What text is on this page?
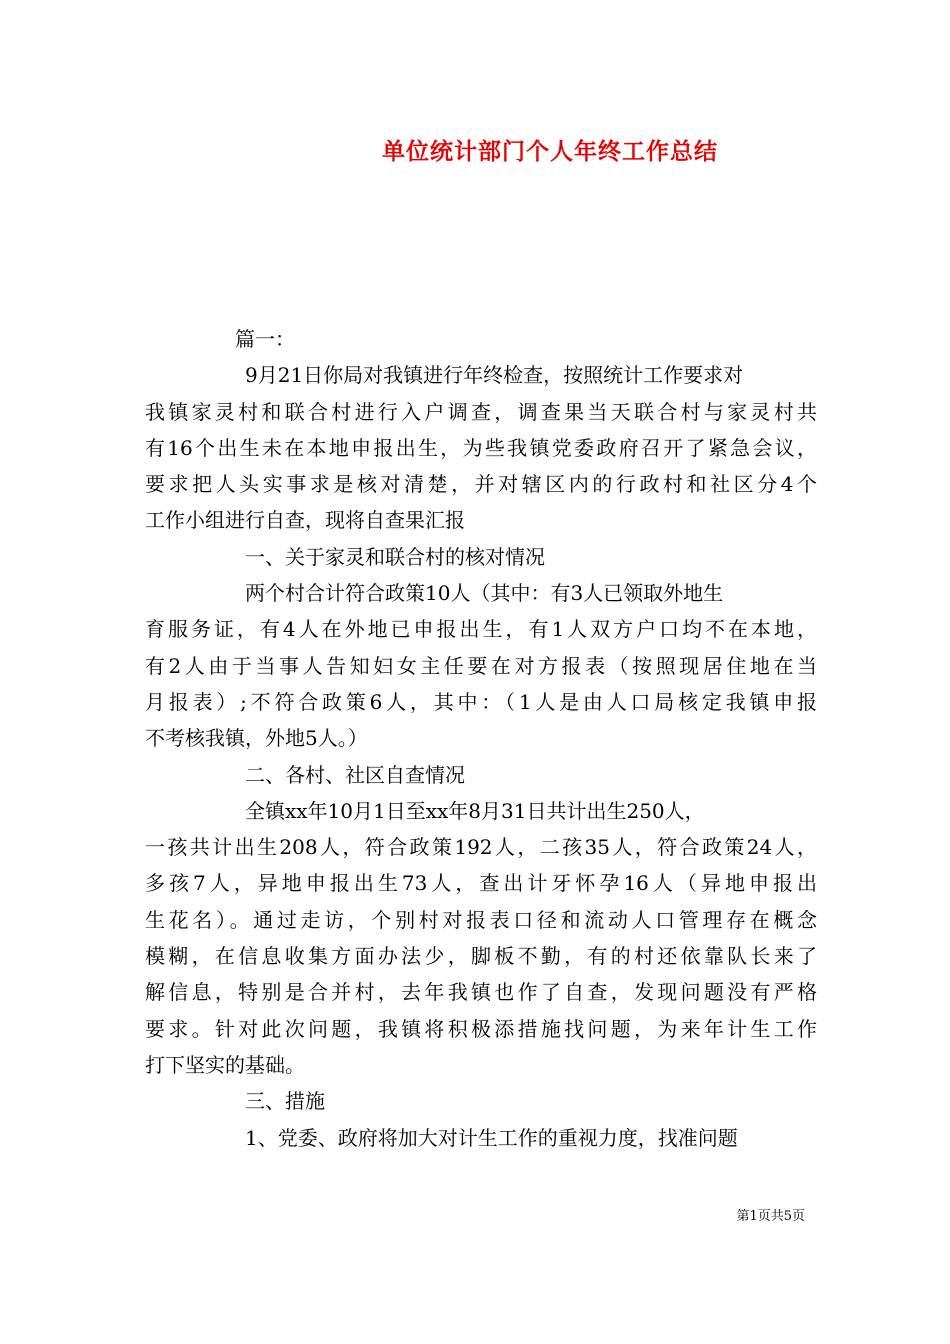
单位统计部门个人年终工作总结
篇一：
9月21日你局对我镇进行年终检查，按照统计工作要求对
我镇家灵村和联合村进行入户调查，调查果当天联合村与家灵村共
有16个出生未在本地申报出生，为些我镇党委政府召开了紧急会议，
要求把人头实事求是核对清楚，并对辖区内的行政村和社区分4个
工作小组进行自查，现将自查果汇报
一、关于家灵和联合村的核对情况
两个村合计符合政策10人（其中：有3人已领取外地生
育服务证，有4人在外地已申报出生，有1人双方户口均不在本地，
有2人由于当事人告知妇女主任要在对方报表（按照现居住地在当
月报表）;不符合政策6人，其中：（1人是由人口局核定我镇申报
不考核我镇，外地5人。）
二、各村、社区自查情况
全镇xx年10月1日至xx年8月31日共计出生250人，
一孩共计出生208人，符合政策192人，二孩35人，符合政策24人，
多孩7人，异地申报出生73人，查出计牙怀孕16人（异地申报出
生花名）。通过走访，个别村对报表口径和流动人口管理存在概念
模糊，在信息收集方面办法少，脚板不勤，有的村还依靠队长来了
解信息，特别是合并村，去年我镇也作了自查，发现问题没有严格
要求。针对此次问题，我镇将积极添措施找问题，为来年计生工作
打下坚实的基础。
三、措施
1、党委、政府将加大对计生工作的重视力度，找准问题
第1页共5页
